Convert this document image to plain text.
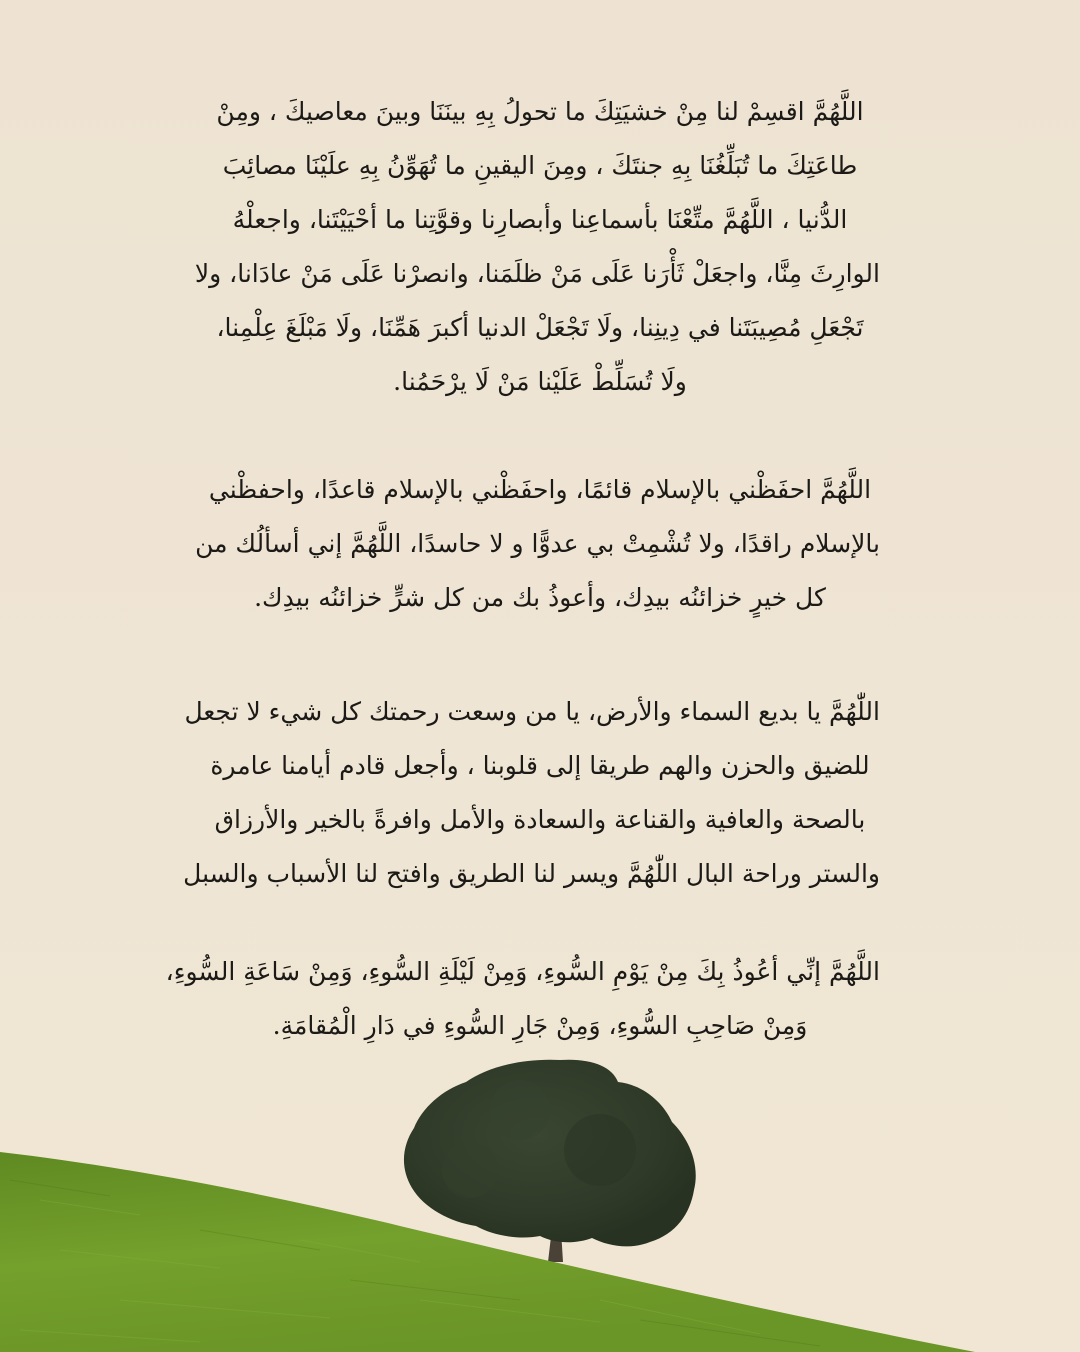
اللَّهُمَّ اقسِمْ لنا مِنْ خشيَتِكَ ما تحولُ بِهِ بينَنَا وبينَ معاصيكَ ، ومِنْ
طاعَتِكَ ما تُبَلِّغُنَا بِهِ جنتَكَ ، ومِنَ اليقينِ ما تُهَوِّنُ بِهِ علَيْنَا مصائِبَ
الدُّنيا ، اللَّهُمَّ متِّعْنَا بأسماعِنا وأبصارِنا وقوَّتِنا ما أحْيَيْتَنا، واجعلْهُ
الوارِثَ مِنَّا، واجعَلْ ثَأْرَنا عَلَى مَنْ ظلَمَنا، وانصرْنا عَلَى مَنْ عادَانا، ولا
تَجْعَلِ مُصِيبَتَنا في دِينِنا، ولَا تَجْعَلْ الدنيا أكبرَ هَمِّنَا، ولَا مَبْلَغَ عِلْمِنا،
ولَا تُسَلِّطْ عَلَيْنا مَنْ لَا يرْحَمُنا.
اللَّهُمَّ احفَظْني بالإسلام قائمًا، واحفَظْني بالإسلام قاعدًا، واحفظْني
بالإسلام راقدًا، ولا تُشْمِتْ بي عدوًّا و لا حاسدًا، اللَّهُمَّ إني أسألُك من
كل خيرٍ خزائنُه بيدِك، وأعوذُ بك من كل شرٍّ خزائنُه بيدِك.
اللّٰهُمَّ يا بديع السماء والأرض، يا من وسعت رحمتك كل شيء لا تجعل
للضيق والحزن والهم طريقا إلى قلوبنا ، وأجعل قادم أيامنا عامرة
بالصحة والعافية والقناعة والسعادة والأمل وافرةً بالخير والأرزاق
والستر وراحة البال اللّٰهُمَّ ويسر لنا الطريق وافتح لنا الأسباب والسبل
اللَّهُمَّ إنِّي أعُوذُ بِكَ مِنْ يَوْمِ السُّوءِ، وَمِنْ لَيْلَةِ السُّوءِ، وَمِنْ سَاعَةِ السُّوءِ،
وَمِنْ صَاحِبِ السُّوءِ، وَمِنْ جَارِ السُّوءِ في دَارِ الْمُقامَةِ.
